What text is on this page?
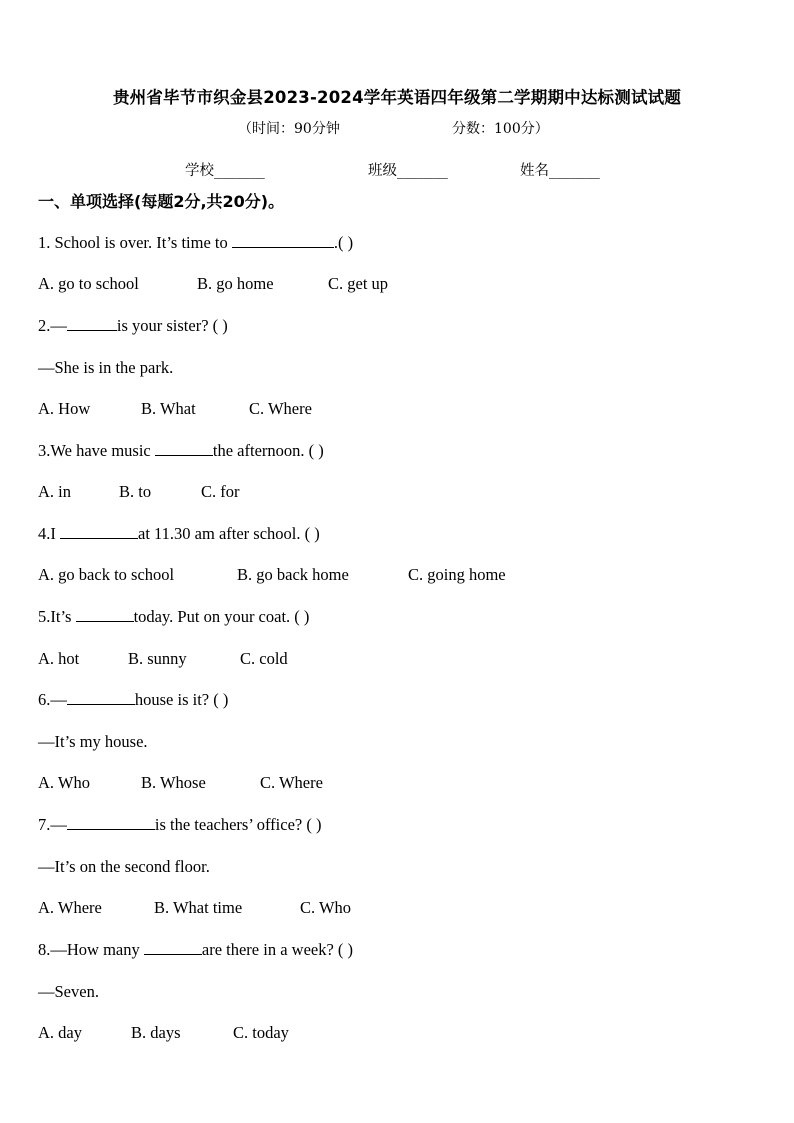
贵州省毕节市织金县2023-2024学年英语四年级第二学期期中达标测试试题
（时间：90分钟	分数：100分）
学校_______	班级_______	姓名_______
一、单项选择(每题2分,共20分)。
1. School is over. It’s time to	.( )
A. go to school	B. go home	C. get up
2.—	is your sister? ( )
—She is in the park.
A. How	B. What	C. Where
3.We have music	the afternoon. ( )
A. in	B. to	C. for
4.I	at 11.30 am after school. ( )
A. go back to school	B. go back home	C. going home
5.It’s	today. Put on your coat. ( )
A. hot	B. sunny	C. cold
6.—	house is it? ( )
—It’s my house.
A. Who	B. Whose	C. Where
7.—	is the teachers’ office? ( )
—It’s on the second floor.
A. Where	B. What time	C. Who
8.—How many	are there in a week? ( )
—Seven.
A. day	B. days	C. today
